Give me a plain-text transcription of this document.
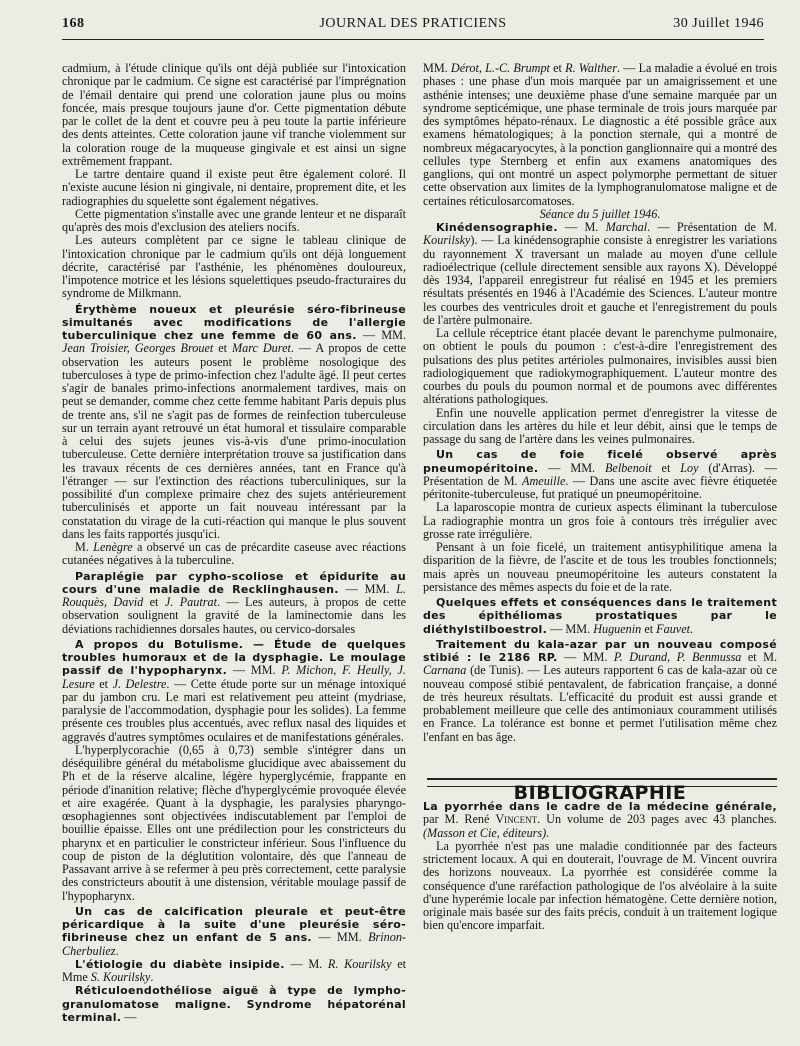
168	JOURNAL DES PRATICIENS	30 Juillet 1946

cadmium, à l'étude clinique qu'ils ont déjà publiée sur l'intoxication chronique par le cadmium. Ce signe est caractérisé par l'imprégnation de l'émail dentaire qui prend une coloration jaune plus ou moins foncée, mais presque toujours jaune d'or. Cette pigmentation débute par le collet de la dent et couvre peu à peu toute la partie inférieure des dents atteintes. Cette coloration jaune vif tranche violemment sur la coloration rouge de la muqueuse gingivale et est ainsi un signe extrêmement frappant.

Le tartre dentaire quand il existe peut être également coloré. Il n'existe aucune lésion ni gingivale, ni dentaire, proprement dite, et les radiographies du squelette sont également négatives.

Cette pigmentation s'installe avec une grande lenteur et ne disparaît qu'après des mois d'exclusion des ateliers nocifs.

Les auteurs complètent par ce signe le tableau clinique de l'intoxication chronique par le cadmium qu'ils ont déjà longuement décrite, caractérisé par l'asthénie, les phénomènes douloureux, l'impotence motrice et les lésions squelettiques pseudo-fracturaires du syndrome de Milkmann.

Érythème noueux et pleurésie séro-fibrineuse simultanés avec modifications de l'allergie tuberculinique chez une femme de 60 ans. — MM. Jean Troisier, Georges Brouet et Marc Duret. — A propos de cette observation les auteurs posent le problème nosologique des tuberculoses à type de primo-infection chez l'adulte âgé. Il peut certes s'agir de banales primo-infections anormalement tardives, mais on peut se demander, comme chez cette femme habitant Paris depuis plus de trente ans, s'il ne s'agit pas de formes de reinfection tuberculeuse sur un terrain ayant retrouvé un état humoral et tissulaire comparable à celui des sujets jeunes vis-à-vis d'une primo-inoculation tuberculeuse. Cette dernière interprétation trouve sa justification dans les travaux récents de ces dernières années, tant en France qu'à l'étranger — sur l'extinction des réactions tuberculiniques, sur la possibilité d'un complexe primaire chez des sujets antérieurement tuberculinisés et apporte un fait nouveau intéressant par la constatation du virage de la cuti-réaction qui manque le plus souvent dans les faits rapportés jusqu'ici.

M. Lenègre a observé un cas de précardite caseuse avec réactions cutanées négatives à la tuberculine.

Paraplégie par cypho-scoliose et épidurite au cours d'une maladie de Recklinghausen. — MM. L. Rouquès, David et J. Pautrat. — Les auteurs, à propos de cette observation soulignent la gravité de la laminectomie dans les déviations rachidiennes dorsales hautes, ou cervico-dorsales

A propos du Botulisme. — Étude de quelques troubles humoraux et de la dysphagie. Le moulage passif de l'hypopharynx. — MM. P. Michon, F. Heully, J. Lesure et J. Delestre. — Cette étude porte sur un ménage intoxiqué par du jambon cru. Le mari est relativement peu atteint (mydriase, paralysie de l'accommodation, dysphagie pour les solides). La femme présente ces troubles plus accentués, avec reflux nasal des liquides et aggravés d'autres symptômes oculaires et de manifestations générales.

L'hyperplycorachie (0,65 à 0,73) semble s'intégrer dans un déséquilibre général du métabolisme glucidique avec abaissement du Ph et de la réserve alcaline, légère hyperglycémie, frappante en période d'inanition relative; flèche d'hyperglycémie provoquée élevée et aire exagérée. Quant à la dysphagie, les paralysies pharyngo-œsophagiennes sont objectivées indiscutablement par l'emploi de bouillie épaisse. Elles ont une prédilection pour les constricteurs du pharynx et en particulier le constricteur inférieur. Sous l'influence du coup de piston de la déglutition volontaire, dès que l'anneau de Passavant arrive à se refermer à peu près correctement, cette paralysie des constricteurs aboutit à une distension, véritable moulage passif de l'hypopharynx.

Un cas de calcification pleurale et peut-être péricardique à la suite d'une pleurésie séro-fibrineuse chez un enfant de 5 ans. — MM. Brinon-Cherbuliez.

L'étiologie du diabète insipide. — M. R. Kourilsky et Mme S. Kourilsky.

Réticuloendothéliose aiguë à type de lympho-granulomatose maligne. Syndrome hépatorénal terminal. —

MM. Dérot, L.-C. Brumpt et R. Walther. — La maladie a évolué en trois phases : une phase d'un mois marquée par un amaigrissement et une asthénie intenses; une deuxième phase d'une semaine marquée par un syndrome septicémique, une phase terminale de trois jours marquée par des symptômes hépato-rénaux. Le diagnostic a été possible grâce aux examens hématologiques; à la ponction sternale, qui a montré de nombreux mégacaryocytes, à la ponction ganglionnaire qui a montré des cellules type Sternberg et enfin aux examens anatomiques des ganglions, qui ont montré un aspect polymorphe permettant de situer cette observation aux limites de la lymphogranulomatose maligne et de certaines réticulosarcomatoses.

Séance du 5 juillet 1946.

Kinédensographie. — M. Marchal. — Présentation de M. Kourilsky). — La kinédensographie consiste à enregistrer les variations du rayonnement X traversant un malade au moyen d'une cellule radioélectrique (cellule directement sensible aux rayons X). Développé dès 1934, l'appareil enregistreur fut réalisé en 1945 et les premiers résultats présentés en 1946 à l'Académie des Sciences. L'auteur montre les courbes des ventricules droit et gauche et l'enregistrement du pouls de l'artère pulmonaire.

La cellule réceptrice étant placée devant le parenchyme pulmonaire, on obtient le pouls du poumon : c'est-à-dire l'enregistrement des pulsations des plus petites artérioles pulmonaires, invisibles aussi bien radiologiquement que radiokymographiquement. L'auteur montre des courbes du pouls du poumon normal et de poumons avec différentes altérations pathologiques.

Enfin une nouvelle application permet d'enregistrer la vitesse de circulation dans les artères du hile et leur débit, ainsi que le temps de passage du sang de l'artère dans les veines pulmonaires.

Un cas de foie ficelé observé après pneumopéritoine. — MM. Belbenoit et Loy (d'Arras). — Présentation de M. Ameuille. — Dans une ascite avec fièvre étiquetée péritonite-tuberculeuse, fut pratiqué un pneumopéritoine.

La laparoscopie montra de curieux aspects éliminant la tuberculose La radiographie montra un gros foie à contours très irrégulier avec grosse rate irrégulière.

Pensant à un foie ficelé, un traitement antisyphilitique amena la disparition de la fièvre, de l'ascite et de tous les troubles fonctionnels; mais après un nouveau pneumopéritoine les auteurs constatent la persistance des mêmes aspects du foie et de la rate.

Quelques effets et conséquences dans le traitement des épithéliomas prostatiques par le diéthylstilboestrol. — MM. Huguenin et Fauvet.

Traitement du kala-azar par un nouveau composé stibié : le 2186 RP. — MM. P. Durand, P. Benmussa et M. Carnana (de Tunis). — Les auteurs rapportent 6 cas de kala-azar où ce nouveau composé stibié pentavalent, de fabrication française, a donné de très heureux résultats. L'efficacité du produit est aussi grande et probablement meilleure que celle des antimoniaux couramment utilisés en France. La tolérance est bonne et permet l'utilisation même chez l'enfant en bas âge.

BIBLIOGRAPHIE

La pyorrhée dans le cadre de la médecine générale, par M. René Vincent. Un volume de 203 pages avec 43 planches. (Masson et Cie, éditeurs).

La pyorrhée n'est pas une maladie conditionnée par des facteurs strictement locaux. A qui en douterait, l'ouvrage de M. Vincent ouvrira des horizons nouveaux. La pyorrhée est considérée comme la conséquence d'une raréfaction pathologique de l'os alvéolaire à la suite d'une hyperémie locale par infection hématogène. Cette dernière notion, originale mais basée sur des faits précis, conduit à un traitement logique bien qu'encore imparfait.
